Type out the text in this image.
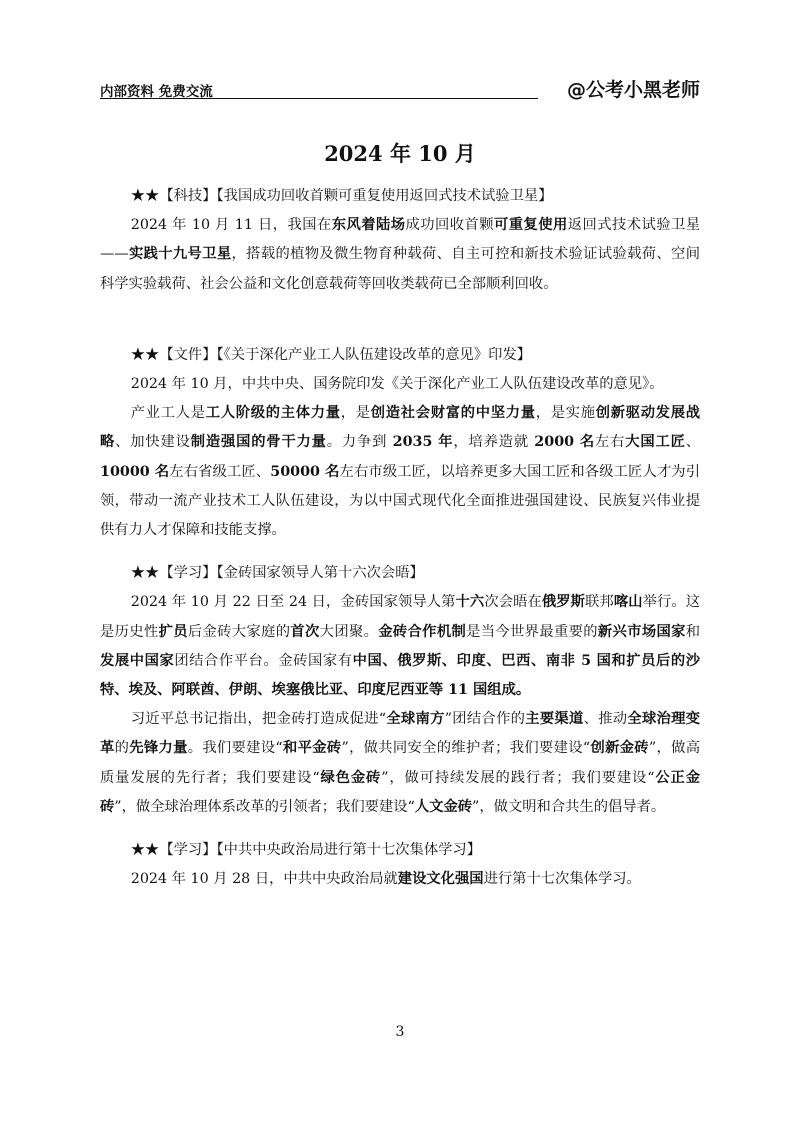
内部资料 免费交流	@公考小黑老师
2024 年 10 月

★★【科技】【我国成功回收首颗可重复使用返回式技术试验卫星】

2024 年 10 月 11 日，我国在东风着陆场成功回收首颗可重复使用返回式技术试验卫星——实践十九号卫星，搭载的植物及微生物育种载荷、自主可控和新技术验证试验载荷、空间科学实验载荷、社会公益和文化创意载荷等回收类载荷已全部顺利回收。

★★【文件】【《关于深化产业工人队伍建设改革的意见》印发】

2024 年 10 月，中共中央、国务院印发《关于深化产业工人队伍建设改革的意见》。

产业工人是工人阶级的主体力量，是创造社会财富的中坚力量，是实施创新驱动发展战略、加快建设制造强国的骨干力量。力争到 2035 年，培养造就 2000 名左右大国工匠、10000 名左右省级工匠、50000 名左右市级工匠，以培养更多大国工匠和各级工匠人才为引领，带动一流产业技术工人队伍建设，为以中国式现代化全面推进强国建设、民族复兴伟业提供有力人才保障和技能支撑。

★★【学习】【金砖国家领导人第十六次会晤】

2024 年 10 月 22 日至 24 日，金砖国家领导人第十六次会晤在俄罗斯联邦喀山举行。这是历史性扩员后金砖大家庭的首次大团聚。金砖合作机制是当今世界最重要的新兴市场国家和发展中国家团结合作平台。金砖国家有中国、俄罗斯、印度、巴西、南非 5 国和扩员后的沙特、埃及、阿联酋、伊朗、埃塞俄比亚、印度尼西亚等 11 国组成。

习近平总书记指出，把金砖打造成促进“全球南方”团结合作的主要渠道、推动全球治理变革的先锋力量。我们要建设“和平金砖”，做共同安全的维护者；我们要建设“创新金砖”，做高质量发展的先行者；我们要建设“绿色金砖”，做可持续发展的践行者；我们要建设“公正金砖”，做全球治理体系改革的引领者；我们要建设“人文金砖”，做文明和合共生的倡导者。

★★【学习】【中共中央政治局进行第十七次集体学习】

2024 年 10 月 28 日，中共中央政治局就建设文化强国进行第十七次集体学习。

3
